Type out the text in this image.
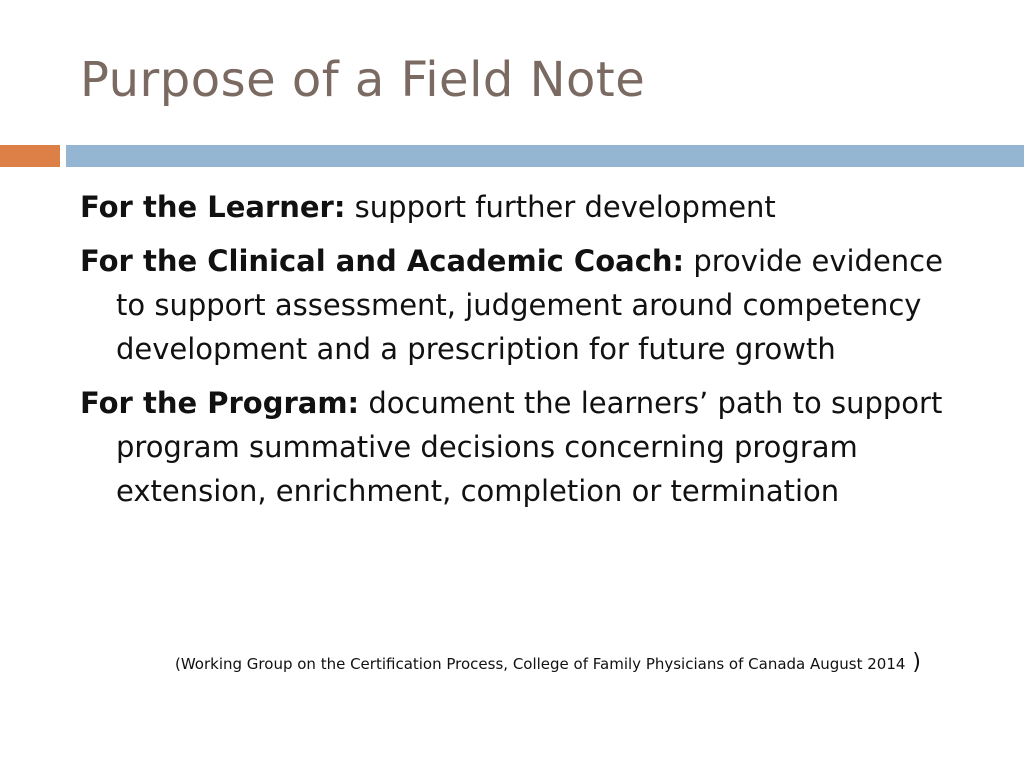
Purpose of a Field Note
For the Learner: support further development
For the Clinical and Academic Coach: provide evidence to support assessment, judgement around competency development and a prescription for future growth
For the Program: document the learners’ path to support program summative decisions concerning program extension, enrichment, completion or termination
(Working Group on the Certification Process, College of Family Physicians of Canada August 2014 )
